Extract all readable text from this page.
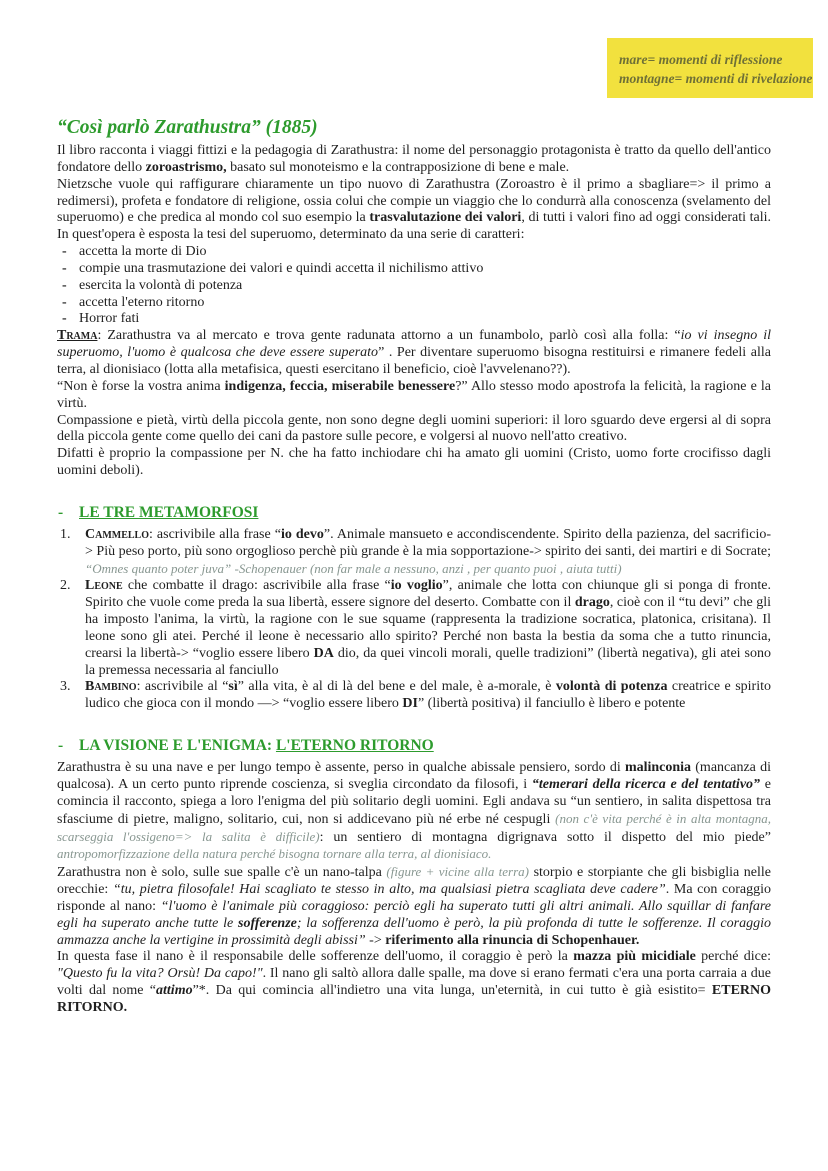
mare= momenti di riflessione
montagne= momenti di rivelazione
“Così parlò Zarathustra” (1885)

Il libro racconta i viaggi fittizi e la pedagogia di Zarathustra: il nome del personaggio protagonista è tratto da quello dell'antico fondatore dello zoroastrismo, basato sul monoteismo e la contrapposizione di bene e male.

Nietzsche vuole qui raffigurare chiaramente un tipo nuovo di Zarathustra (Zoroastro è il primo a sbagliare=> il primo a redimersi), profeta e fondatore di religione, ossia colui che compie un viaggio che lo condurrà alla conoscenza (svelamento del superuomo) e che predica al mondo col suo esempio la trasvalutazione dei valori, di tutti i valori fino ad oggi considerati tali. In quest'opera è esposta la tesi del superuomo, determinato da una serie di caratteri:

- accetta la morte di Dio
- compie una trasmutazione dei valori e quindi accetta il nichilismo attivo
- esercita la volontà di potenza
- accetta l'eterno ritorno
- Horror fati

Trama: Zarathustra va al mercato e trova gente radunata attorno a un funambolo, parlò così alla folla: “io vi insegno il superuomo, l'uomo è qualcosa che deve essere superato” . Per diventare superuomo bisogna restituirsi e rimanere fedeli alla terra, al dionisiaco (lotta alla metafisica, questi esercitano il beneficio, cioè l'avvelenano??).

“Non è forse la vostra anima indigenza, feccia, miserabile benessere?” Allo stesso modo apostrofa la felicità, la ragione e la virtù.

Compassione e pietà, virtù della piccola gente, non sono degne degli uomini superiori: il loro sguardo deve ergersi al di sopra della piccola gente come quello dei cani da pastore sulle pecore, e volgersi al nuovo nell'atto creativo.

Difatti è proprio la compassione per N. che ha fatto inchiodare chi ha amato gli uomini (Cristo, uomo forte crocifisso dagli uomini deboli).

-	LE TRE METAMORFOSI
1. Cammello: ascrivibile alla frase “io devo”. Animale mansueto e accondiscendente. Spirito della pazienza, del sacrificio-> Più peso porto, più sono orgoglioso perchè più grande è la mia sopportazione-> spirito dei santi, dei martiri e di Socrate; “Omnes quanto poter juva” -Schopenauer (non far male a nessuno, anzi , per quanto puoi , aiuta tutti)
2. Leone che combatte il drago: ascrivibile alla frase “io voglio”, animale che lotta con chiunque gli si ponga di fronte. Spirito che vuole come preda la sua libertà, essere signore del deserto. Combatte con il drago, cioè con il “tu devi” che gli ha imposto l'anima, la virtù, la ragione con le sue squame (rappresenta la tradizione socratica, platonica, crisitana). Il leone sono gli atei. Perché il leone è necessario allo spirito? Perché non basta la bestia da soma che a tutto rinuncia, crearsi la libertà-> “voglio essere libero DA dio, da quei vincoli morali, quelle tradizioni” (libertà negativa), gli atei sono la premessa necessaria al fanciullo
3. Bambino: ascrivibile al “sì” alla vita, è al di là del bene e del male, è a-morale, è volontà di potenza creatrice e spirito ludico che gioca con il mondo —> “voglio essere libero DI” (libertà positiva) il fanciullo è libero e potente
-	LA VISIONE E L'ENIGMA: L'ETERNO RITORNO

Zarathustra è su una nave e per lungo tempo è assente, perso in qualche abissale pensiero, sordo di malinconia (mancanza di qualcosa). A un certo punto riprende coscienza, si sveglia circondato da filosofi, i “temerari della ricerca e del tentativo” e comincia il racconto, spiega a loro l'enigma del più solitario degli uomini. Egli andava su “un sentiero, in salita dispettosa tra sfasciume di pietre, maligno, solitario, cui, non si addicevano più né erbe né cespugli (non c'è vita perché è in alta montagna, scarseggia l'ossigeno=> la salita è difficile): un sentiero di montagna digrignava sotto il dispetto del mio piede” antropomorfizzazione della natura perché bisogna tornare alla terra, al dionisiaco.

Zarathustra non è solo, sulle sue spalle c'è un nano-talpa (figure + vicine alla terra) storpio e storpiante che gli bisbiglia nelle orecchie: “tu, pietra filosofale! Hai scagliato te stesso in alto, ma qualsiasi pietra scagliata deve cadere”. Ma con coraggio risponde al nano: “l'uomo è l'animale più coraggioso: perciò egli ha superato tutti gli altri animali. Allo squillar di fanfare egli ha superato anche tutte le sofferenze; la sofferenza dell'uomo è però, la più profonda di tutte le sofferenze. Il coraggio ammazza anche la vertigine in prossimità degli abissi” -> riferimento alla rinuncia di Schopenhauer.

In questa fase il nano è il responsabile delle sofferenze dell'uomo, il coraggio è però la mazza più micidiale perché dice: "Questo fu la vita? Orsù! Da capo!". Il nano gli saltò allora dalle spalle, ma dove si erano fermati c'era una porta carraia a due volti dal nome “attimo”*. Da qui comincia all'indietro una vita lunga, un'eternità, in cui tutto è già esistito= ETERNO RITORNO.
